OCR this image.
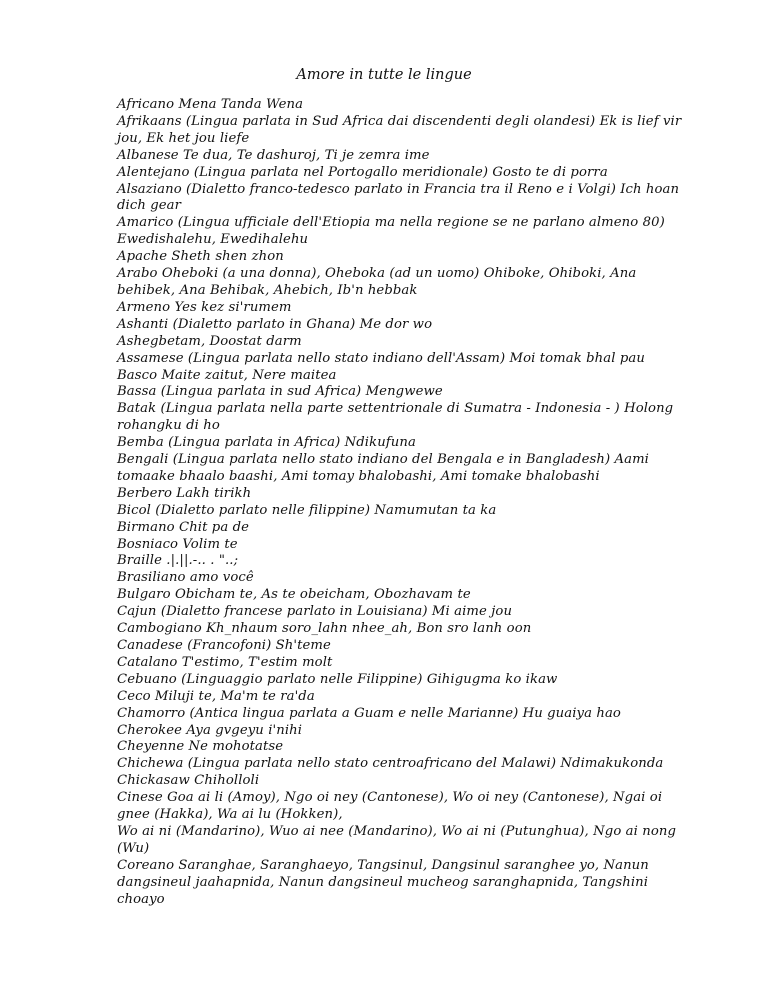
Amore in tutte le lingue

Africano Mena Tanda Wena

Afrikaans (Lingua parlata in Sud Africa dai discendenti degli olandesi) Ek is lief vir jou, Ek het jou liefe

Albanese Te dua, Te dashuroj, Ti je zemra ime

Alentejano (Lingua parlata nel Portogallo meridionale) Gosto te di porra

Alsaziano (Dialetto franco-tedesco parlato in Francia tra il Reno e i Volgi) Ich hoan dich gear

Amarico (Lingua ufficiale dell'Etiopia ma nella regione se ne parlano almeno 80) Ewedishalehu, Ewedihalehu

Apache Sheth shen zhon

Arabo Oheboki (a una donna), Ohebokа (ad un uomo) Ohiboke, Ohiboki, Ana behibek, Ana Behibak, Ahebich, Ib'n hebbak

Armeno Yes kez si'rumem

Ashanti (Dialetto parlato in Ghana) Me dor wo

Ashegbetam, Doostat darm

Assamese (Lingua parlata nello stato indiano dell'Assam) Moi tomak bhal pau

Basco Maite zaitut, Nere maitea

Bassa (Lingua parlata in sud Africa) Mengwewe

Batak (Lingua parlata nella parte settentrionale di Sumatra - Indonesia - ) Holong rohangku di ho

Bemba (Lingua parlata in Africa) Ndikufuna

Bengali (Lingua parlata nello stato indiano del Bengala e in Bangladesh) Aami tomaake bhaalo baashi, Ami tomay bhalobashi, Ami tomake bhalobashi

Berbero Lakh tirikh

Bicol (Dialetto parlato nelle filippine) Namumutan ta ka

Birmano Chit pa de

Bosniaco Volim te

Braille .|.||.-.. . "..;

Brasiliano amo você

Bulgaro Obicham te, As te obeicham, Obozhavam te

Cajun (Dialetto francese parlato in Louisiana) Mi aime jou

Cambogiano Kh_nhaum soro_lahn nhee_ah, Bon sro lanh oon

Canadese (Francofoni) Sh'teme

Catalano T'estimo, T'estim molt

Cebuano (Linguaggio parlato nelle Filippine) Gihigugma ko ikaw

Ceco Miluji te, Ma'm te ra'da

Chamorro (Antica lingua parlata a Guam e nelle Marianne) Hu guaiya hao

Cherokee Aya gvgeyu i'nihi

Cheyenne Ne mohotatse

Chichewa (Lingua parlata nello stato centroafricano del Malawi) Ndimakukonda

Chickasaw Chiholloli

Cinese Goa ai li (Amoy), Ngo oi ney (Cantonese), Wo oi ney (Cantonese), Ngai oi gnee (Hakka), Wa ai lu (Hokken),

Wo ai ni (Mandarino), Wuo ai nee (Mandarino), Wo ai ni (Putunghua), Ngo ai nong (Wu)

Coreano Saranghae, Saranghaeyo, Tangsinul, Dangsinul saranghee yo, Nanun dangsineul jaahapnida, Nanun dangsineul mucheog saranghapnida, Tangshini choayo
